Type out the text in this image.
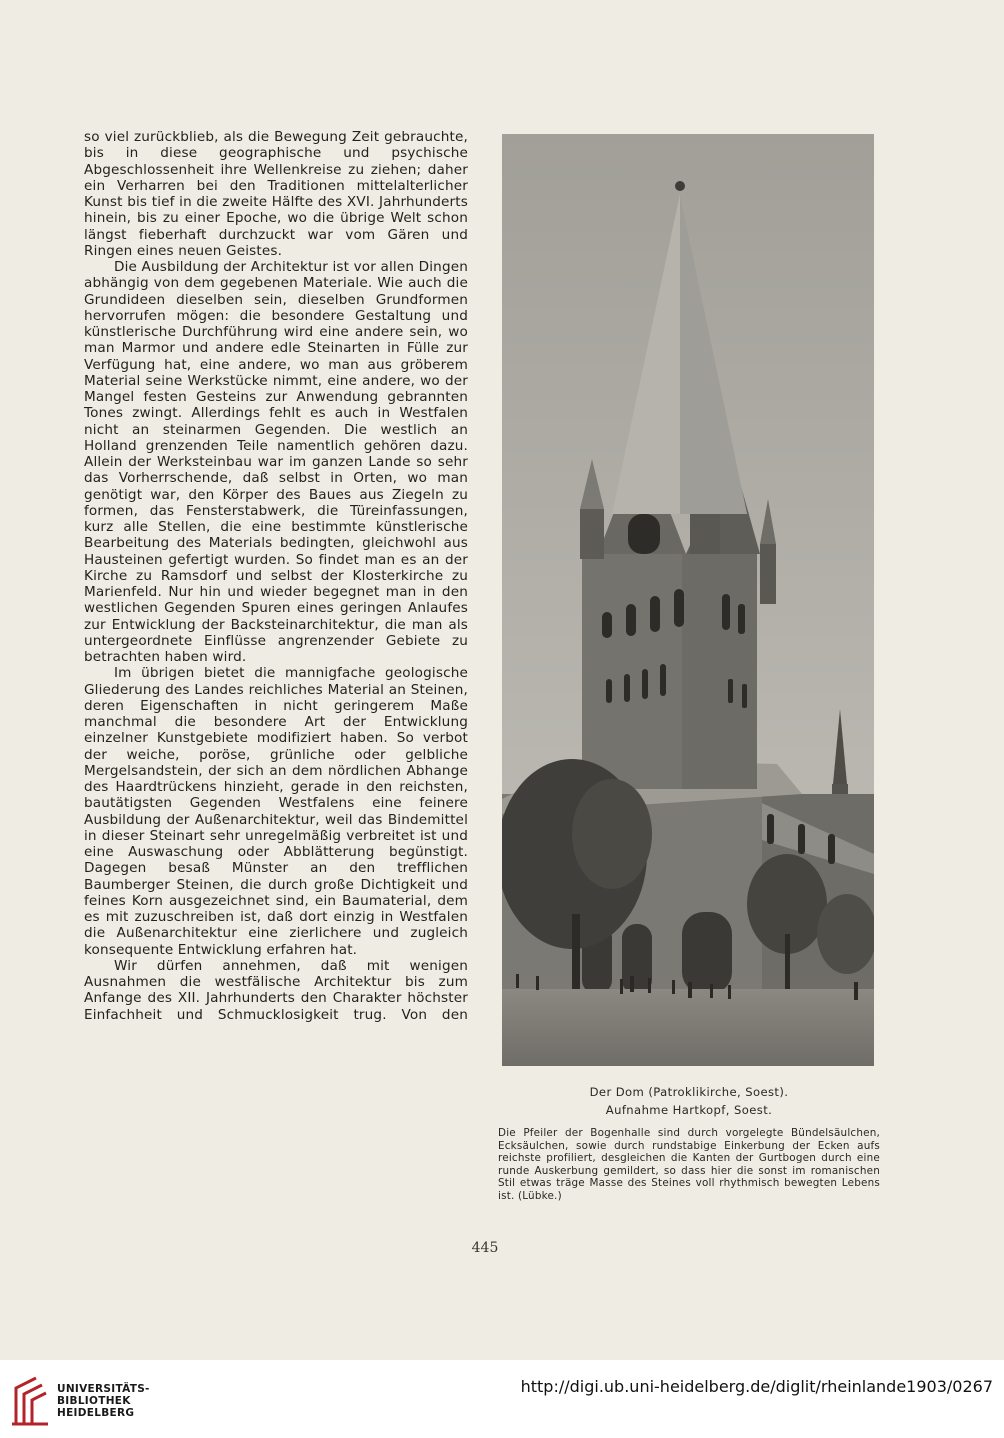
so viel zurückblieb, als die Bewegung Zeit gebrauchte, bis in diese geographische und psychische Abgeschlossenheit ihre Wellenkreise zu ziehen; daher ein Verharren bei den Traditionen mittelalterlicher Kunst bis tief in die zweite Hälfte des XVI. Jahrhunderts hinein, bis zu einer Epoche, wo die übrige Welt schon längst fieberhaft durchzuckt war vom Gären und Ringen eines neuen Geistes.

Die Ausbildung der Architektur ist vor allen Dingen abhängig von dem gegebenen Materiale. Wie auch die Grundideen dieselben sein, dieselben Grundformen hervorrufen mögen: die besondere Gestaltung und künstlerische Durchführung wird eine andere sein, wo man Marmor und andere edle Steinarten in Fülle zur Verfügung hat, eine andere, wo man aus gröberem Material seine Werkstücke nimmt, eine andere, wo der Mangel festen Gesteins zur Anwendung gebrannten Tones zwingt. Allerdings fehlt es auch in Westfalen nicht an steinarmen Gegenden. Die westlich an Holland grenzenden Teile namentlich gehören dazu. Allein der Werksteinbau war im ganzen Lande so sehr das Vorherrschende, daß selbst in Orten, wo man genötigt war, den Körper des Baues aus Ziegeln zu formen, das Fensterstabwerk, die Türeinfassungen, kurz alle Stellen, die eine bestimmte künstlerische Bearbeitung des Materials bedingten, gleichwohl aus Hausteinen gefertigt wurden. So findet man es an der Kirche zu Ramsdorf und selbst der Klosterkirche zu Marienfeld. Nur hin und wieder begegnet man in den westlichen Gegenden Spuren eines geringen Anlaufes zur Entwicklung der Backsteinarchitektur, die man als untergeordnete Einflüsse angrenzender Gebiete zu betrachten haben wird.

Im übrigen bietet die mannigfache geologische Gliederung des Landes reichliches Material an Steinen, deren Eigenschaften in nicht geringerem Maße manchmal die besondere Art der Entwicklung einzelner Kunstgebiete modifiziert haben. So verbot der weiche, poröse, grünliche oder gelbliche Mergelsandstein, der sich an dem nördlichen Abhange des Haardtrückens hinzieht, gerade in den reichsten, bautätigsten Gegenden Westfalens eine feinere Ausbildung der Außenarchitektur, weil das Bindemittel in dieser Steinart sehr unregelmäßig verbreitet ist und eine Auswaschung oder Abblätterung begünstigt. Dagegen besaß Münster an den trefflichen Baumberger Steinen, die durch große Dichtigkeit und feines Korn ausgezeichnet sind, ein Baumaterial, dem es mit zuzuschreiben ist, daß dort einzig in Westfalen die Außenarchitektur eine zierlichere und zugleich konsequente Entwicklung erfahren hat.

Wir dürfen annehmen, daß mit wenigen Ausnahmen die westfälische Architektur bis zum Anfange des XII. Jahrhunderts den Charakter höchster Einfachheit und Schmucklosigkeit trug. Von den

Der Dom (Patroklikirche, Soest).
Aufnahme Hartkopf, Soest.
Die Pfeiler der Bogenhalle sind durch vorgelegte Bündelsäulchen, Ecksäulchen, sowie durch rundstabige Einkerbung der Ecken aufs reichste profiliert, desgleichen die Kanten der Gurtbogen durch eine runde Auskerbung gemildert, so dass hier die sonst im romanischen Stil etwas träge Masse des Steines voll rhythmisch bewegten Lebens ist. (Lübke.)
445
UNIVERSITÄTS-
BIBLIOTHEK
HEIDELBERG
http://digi.ub.uni-heidelberg.de/diglit/rheinlande1903/0267
